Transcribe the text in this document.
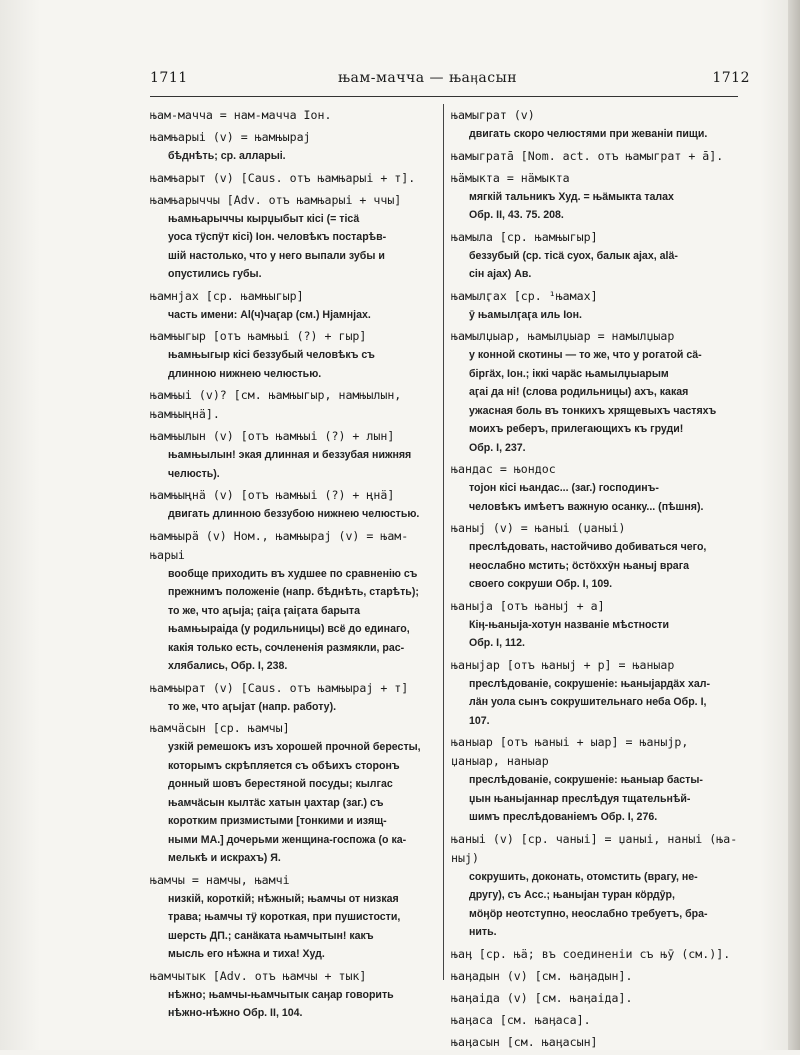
1711	њам-мачча — њаӊасын	1712

њам-мачча = нам-мачча Іон.

њамњарыі (v) = њамњырај

бѣднѣть; ср. алларыі.

њамњарыт (v) [Caus. отъ њамњарыі + т].

њамњарыччы [Adv. отъ њамњарыі + ччы]

њамњарыччы кырџыбыт кісі (= тісä

уоса тӱспӱт кісі) Іон. человѣкъ постарѣв-

шій настолько, что у него выпали зубы и

опустились губы.

њамнјах [ср. њамњыгыр]

часть имени: Al(ч)чаӷар (см.) Нјамнјах.

њамњыгыр [отъ њамњыі (?) + гыр]

њамњыгыр кісі беззубый человѣкъ съ

длинною нижнею челюстью.

њамњыі (v)? [см. њамњыгыр, намњылын,

њамњыңнä].

њамњылын (v) [отъ њамњыі (?) + лын]

њамњылын! экая длинная и беззубая нижняя

челюсть).

њамњыңнä (v) [отъ њамњыі (?) + ңнä]

двигать длинною беззубою нижнею челюстью.

њамњырä (v) Ном., њамњырај (v) = њам-

њарыі

вообще приходить въ худшее по сравненію съ

прежнимъ положеніе (напр. бѣднѣть, старѣть);

то же, что аӷыја; ӷаіӷа ӷаіӷата барыта

њамњыраіда (у родильницы) всё до единаго,

какія только есть, сочлененія размякли, рас-

хлябались, Обр. I, 238.

њамњырат (v) [Caus. отъ њамњырај + т]

то же, что аӷыјат (напр. работу).

њамчäсын [ср. њамчы]

узкій ремешокъ изъ хорошей прочной бересты,

которымъ скрѣпляется съ обѣихъ сторонъ

донный шовъ берестяной посуды; кылгас

њамчäсын кылтäс хатын џахтар (заг.) съ

коротким призмистыми [тонкими и изящ-

ными МА.] дочерьми женщина-госпожа (о ка-

мелькѣ и искрахъ) Я.

њамчы = намчы, њамчі

низкій, короткій; нѣжный; њамчы от низкая

трава; њамчы тӱ короткая, при пушистости,

шерсть ДП.; санäката њамчытын! какъ

мысль его нѣжна и тиха! Худ.

њамчытык [Adv. отъ њамчы + тык]

нѣжно; њамчы-њамчытык саӊар говорить

нѣжно-нѣжно Обр. II, 104.

њамыграт (v)

двигать скоро челюстями при жеваніи пищи.

њамыгратā [Nom. act. отъ њамыграт + ā].

њäмыкта = нäмыкта

мягкій тальникъ Худ. = њäмыкта талах

Обр. II, 43. 75. 208.

њамыла [ср. њамњыгыр]

беззубый (ср. тісä суох, балык ајах, аlä-

сін ајах) Ав.

њамылӷах [ср. ¹њамах]

ӯ њамылӷаӷа иль Іон.

њамылџыар, њамылџыар = намылџыар

у конной скотины — то же, что у рогатой сä-

біргäх, Іон.; іккі чарäс њамылџыарым

аӷаі да ні! (слова родильницы) ахъ, какая

ужасная боль въ тонкихъ хрящевыхъ частяхъ

моихъ реберъ, прилегающихъ къ груди!

Обр. I, 237.

њандас = њондос

тојон кісі њандас... (заг.) господинъ-

человѣкъ имѣетъ важную осанку... (пѣшня).

њаныј (v) = њаныі (џаныі)

преслѣдовать, настойчиво добиваться чего,

неослабно мстить; öстöххӯн њаныј врага

своего сокруши Обр. I, 109.

њаныја [отъ њаныј + а]

Кіӊ-њаныја-хотун названіе мѣстности

Обр. I, 112.

њаныјар [отъ њаныј + р] = њаныар

преслѣдованіе, сокрушеніе: њаныјардäх хал-

лäн уола сынъ сокрушительнаго неба Обр. I,

107.

њаныар [отъ њаныі + ыар] = њаныјр,

џаныар, наныар

преслѣдованіе, сокрушеніе: њаныар басты-

џын њаныјаннар преслѣдуя тщательнѣй-

шимъ преслѣдованіемъ Обр. I, 276.

њаныі (v) [ср. чаныі] = џаныі, наныі (ња-

ныј)

сокрушить, доконать, отомстить (врагу, не-

другу), съ Acc.; њаныјан туран кöрдӯр,

мöӊӧр неотступно, неослабно требуетъ, бра-

нить.

њаӊ [ср. њä; въ соединеніи съ њӯ (см.)].

њаӊадын (v) [см. њаӊадын].

њаӊаіда (v) [см. њаӊаіда].

њаӊаса [см. њаӊаса].

њаӊасын [см. њаӊасын]
